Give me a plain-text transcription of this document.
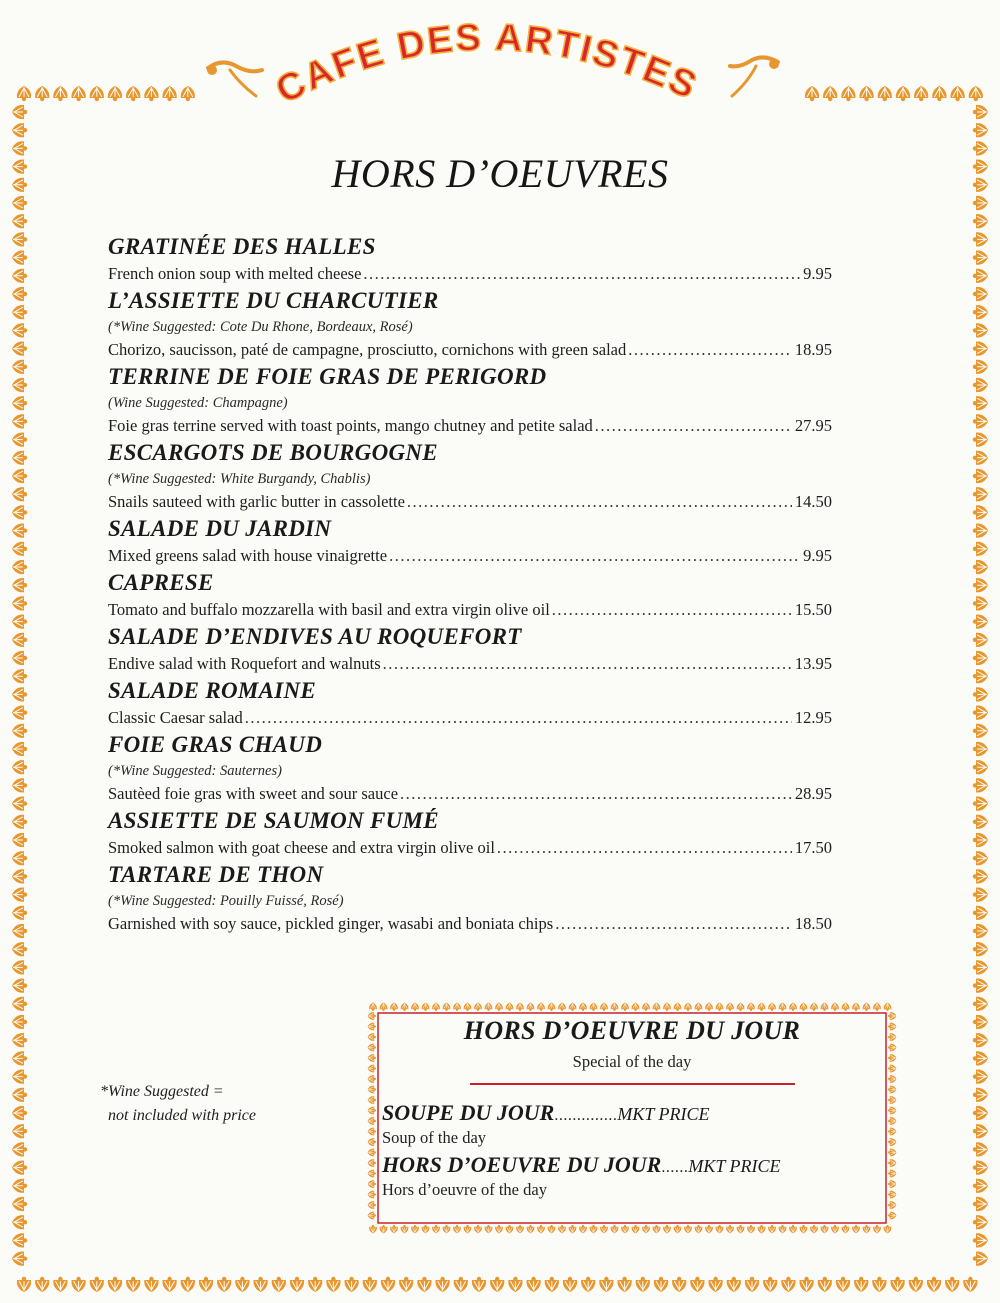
CAFE DES ARTISTES
HORS D’OEUVRES
GRATINÉE DES HALLES
French onion soup with melted cheese .....	9.95
L’ASSIETTE DU CHARCUTIER
(*Wine Suggested: Cote Du Rhone, Bordeaux, Rosé)
Chorizo, saucisson, paté de campagne, prosciutto, cornichons with green salad .....	18.95
TERRINE DE FOIE GRAS DE PERIGORD
(Wine Suggested: Champagne)
Foie gras terrine served with toast points, mango chutney and petite salad .....	27.95
ESCARGOTS DE BOURGOGNE
(*Wine Suggested: White Burgandy, Chablis)
Snails sauteed with garlic butter in cassolette .....	14.50
SALADE DU JARDIN
Mixed greens salad with house vinaigrette .....	9.95
CAPRESE
Tomato and buffalo mozzarella with basil and extra virgin olive oil .....	15.50
SALADE D’ENDIVES AU ROQUEFORT
Endive salad with Roquefort and walnuts .....	13.95
SALADE ROMAINE
Classic Caesar salad .....	12.95
FOIE GRAS CHAUD
(*Wine Suggested: Sauternes)
Sautèed foie gras with sweet and sour sauce .....	28.95
ASSIETTE DE SAUMON FUMÉ
Smoked salmon with goat cheese and extra virgin olive oil .....	17.50
TARTARE DE THON
(*Wine Suggested: Pouilly Fuissé, Rosé)
Garnished with soy sauce, pickled ginger, wasabi and boniata chips .....	18.50
*Wine Suggested =
not included with price
HORS D’OEUVRE DU JOUR
Special of the day
SOUPE DU JOUR .............. MKT PRICE
Soup of the day
HORS D’OEUVRE DU JOUR ...... MKT PRICE
Hors d’oeuvre of the day
